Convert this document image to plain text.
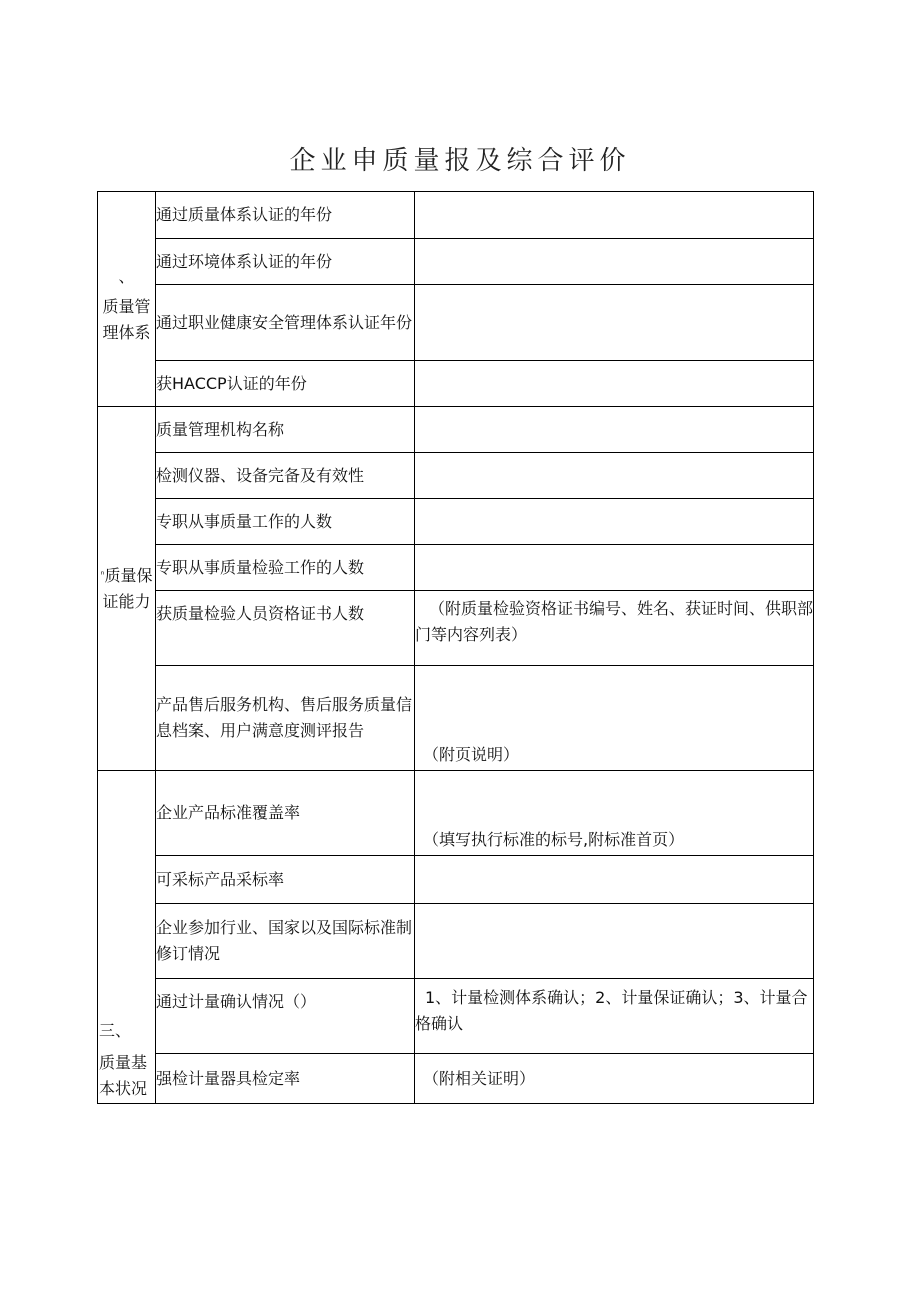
企业申质量报及综合评价
、
质量管理体系	通过质量体系认证的年份	
	通过环境体系认证的年份	
	通过职业健康安全管理体系认证年份	
	获HACCP认证的年份	

$^{^n}$质量保证能力	质量管理机构名称	
	检测仪器、设备完备及有效性	
	专职从事质量工作的人数	
	专职从事质量检验工作的人数	
	获质量检验人员资格证书人数	（附质量检验资格证书编号、姓名、获证时间、供职部门等内容列表）
	产品售后服务机构、售后服务质量信息档案、用户满意度测评报告	（附页说明）

三、
质量基本状况	企业产品标准覆盖率	（填写执行标准的标号,附标准首页）
	可采标产品采标率	
	企业参加行业、国家以及国际标准制修订情况	
	通过计量确认情况（）	1、计量检测体系确认；2、计量保证确认；3、计量合格确认
	强检计量器具检定率	（附相关证明）
